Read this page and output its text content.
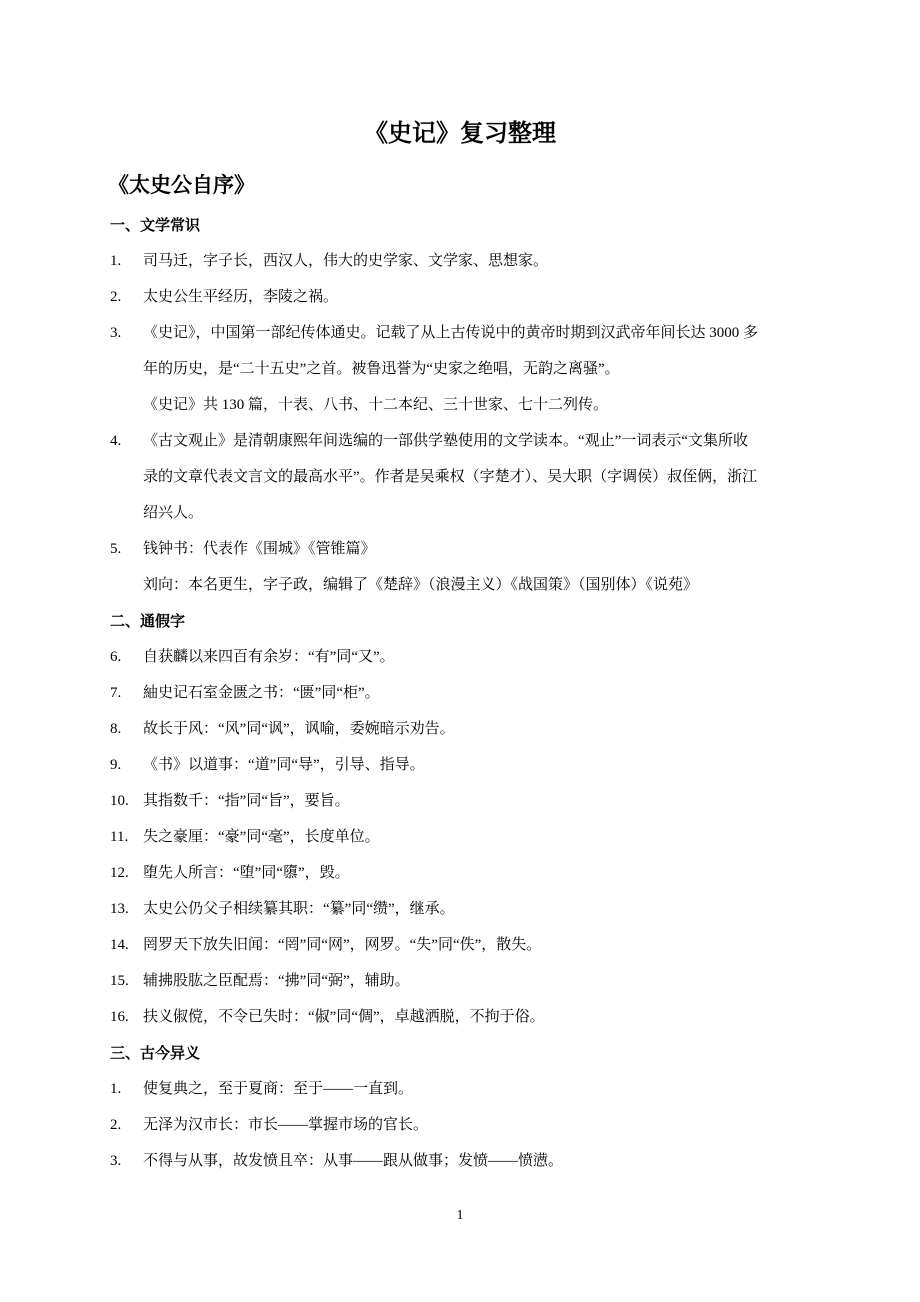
《史记》复习整理
《太史公自序》
一、文学常识
1. 司马迁，字子长，西汉人，伟大的史学家、文学家、思想家。
2. 太史公生平经历，李陵之祸。
3. 《史记》，中国第一部纪传体通史。记载了从上古传说中的黄帝时期到汉武帝年间长达 3000 多
年的历史，是“二十五史”之首。被鲁迅誉为“史家之绝唱，无韵之离骚”。
《史记》共 130 篇，十表、八书、十二本纪、三十世家、七十二列传。
4. 《古文观止》是清朝康熙年间选编的一部供学塾使用的文学读本。“观止”一词表示“文集所收
录的文章代表文言文的最高水平”。作者是吴乘权（字楚才）、吴大职（字调侯）叔侄俩，浙江
绍兴人。
5. 钱钟书：代表作《围城》《管锥篇》
刘向：本名更生，字子政，编辑了《楚辞》（浪漫主义）《战国策》（国别体）《说苑》
二、通假字
6. 自获麟以来四百有余岁：“有”同“又”。
7. 紬史记石室金匮之书：“匮”同“柜”。
8. 故长于风：“风”同“讽”，讽喻，委婉暗示劝告。
9. 《书》以道事：“道”同“导”，引导、指导。
10. 其指数千：“指”同“旨”，要旨。
11. 失之豪厘：“豪”同“毫”，长度单位。
12. 堕先人所言：“堕”同“隳”，毁。
13. 太史公仍父子相续纂其职：“纂”同“缵”，继承。
14. 罔罗天下放失旧闻：“罔”同“网”，网罗。“失”同“佚”，散失。
15. 辅拂股肱之臣配焉：“拂”同“弼”，辅助。
16. 扶义俶傥，不令已失时：“俶”同“倜”，卓越洒脱，不拘于俗。
三、古今异义
1. 使复典之，至于夏商：至于——一直到。
2. 无泽为汉市长：市长——掌握市场的官长。
3. 不得与从事，故发愤且卒：从事——跟从做事；发愤——愤懑。
1
